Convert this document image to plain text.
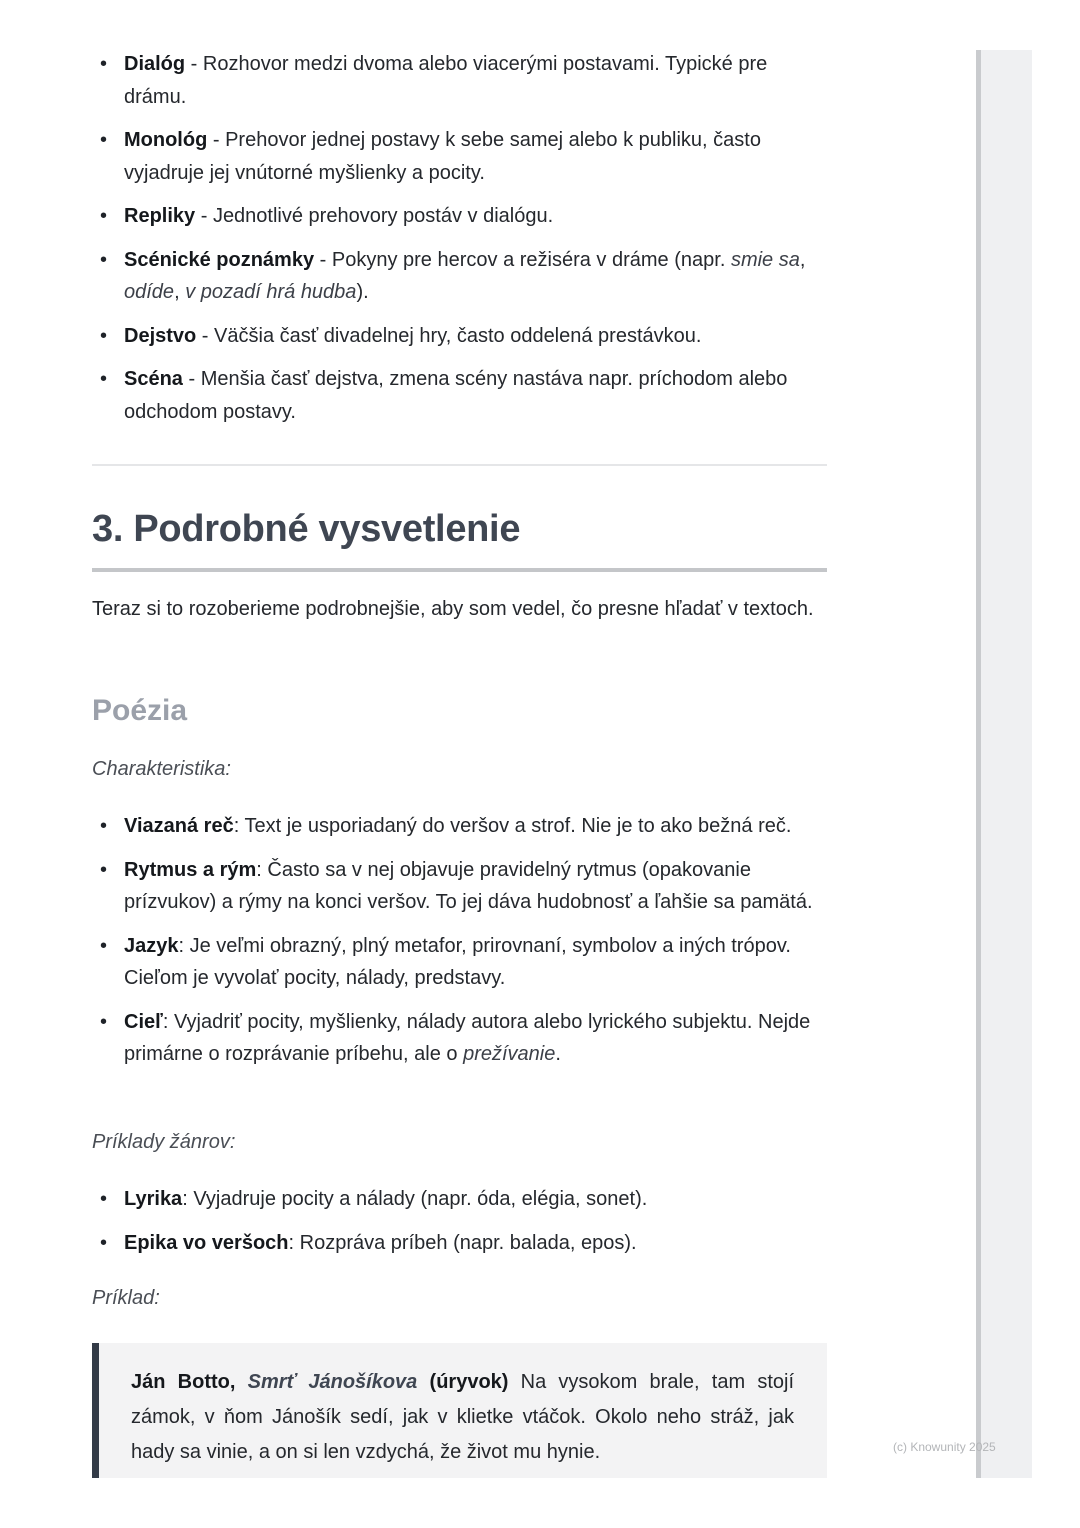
• Dialóg - Rozhovor medzi dvoma alebo viacerými postavami. Typické pre drámu.
• Monológ - Prehovor jednej postavy k sebe samej alebo k publiku, často vyjadruje jej vnútorné myšlienky a pocity.
• Repliky - Jednotlivé prehovory postáv v dialógu.
• Scénické poznámky - Pokyny pre hercov a režiséra v dráme (napr. smie sa, odíde, v pozadí hrá hudba).
• Dejstvo - Väčšia časť divadelnej hry, často oddelená prestávkou.
• Scéna - Menšia časť dejstva, zmena scény nastáva napr. príchodom alebo odchodom postavy.
3. Podrobné vysvetlenie

Teraz si to rozoberieme podrobnejšie, aby som vedel, čo presne hľadať v textoch.

Poézia

Charakteristika:

• Viazaná reč: Text je usporiadaný do veršov a strof. Nie je to ako bežná reč.
• Rytmus a rým: Často sa v nej objavuje pravidelný rytmus (opakovanie prízvukov) a rýmy na konci veršov. To jej dáva hudobnosť a ľahšie sa pamätá.
• Jazyk: Je veľmi obrazný, plný metafor, prirovnaní, symbolov a iných trópov. Cieľom je vyvolať pocity, nálady, predstavy.
• Cieľ: Vyjadriť pocity, myšlienky, nálady autora alebo lyrického subjektu. Nejde primárne o rozprávanie príbehu, ale o prežívanie.

Príklady žánrov:

• Lyrika: Vyjadruje pocity a nálady (napr. óda, elégia, sonet).
• Epika vo veršoch: Rozpráva príbeh (napr. balada, epos).

Príklad:

Ján Botto, Smrť Jánošíkova (úryvok) Na vysokom brale, tam stojí zámok, v ňom Jánošík sedí, jak v klietke vtáčok. Okolo neho stráž, jak hady sa vinie, a on si len vzdychá, že život mu hynie.	(c) Knowunity 2025
